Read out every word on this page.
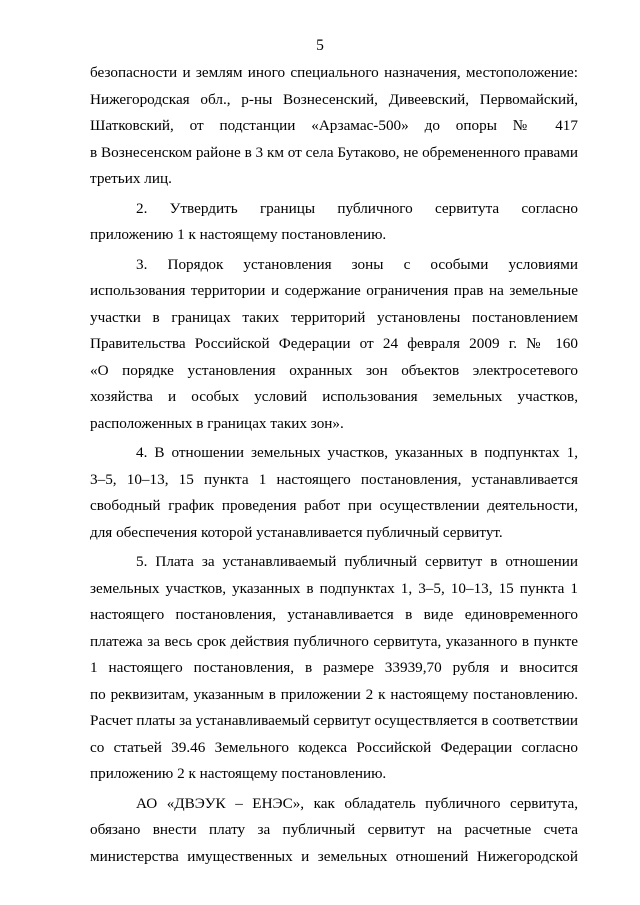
5
безопасности и землям иного специального назначения, местоположение:
Нижегородская обл., р-ны Вознесенский, Дивеевский, Первомайский,
Шатковский, от подстанции «Арзамас-500» до опоры № 417
в Вознесенском районе в 3 км от села Бутаково, не обремененного правами
третьих лиц.
2. Утвердить границы публичного сервитута согласно
приложению 1 к настоящему постановлению.
3. Порядок установления зоны с особыми условиями
использования территории и содержание ограничения прав на земельные
участки в границах таких территорий установлены постановлением
Правительства Российской Федерации от 24 февраля 2009 г. № 160
«О порядке установления охранных зон объектов электросетевого
хозяйства и особых условий использования земельных участков,
расположенных в границах таких зон».
4. В отношении земельных участков, указанных в подпунктах 1,
3–5, 10–13, 15 пункта 1 настоящего постановления, устанавливается
свободный график проведения работ при осуществлении деятельности,
для обеспечения которой устанавливается публичный сервитут.
5. Плата за устанавливаемый публичный сервитут в отношении
земельных участков, указанных в подпунктах 1, 3–5, 10–13, 15 пункта 1
настоящего постановления, устанавливается в виде единовременного
платежа за весь срок действия публичного сервитута, указанного в пункте
1 настоящего постановления, в размере 33939,70 рубля и вносится
по реквизитам, указанным в приложении 2 к настоящему постановлению.
Расчет платы за устанавливаемый сервитут осуществляется в соответствии
со статьей 39.46 Земельного кодекса Российской Федерации согласно
приложению 2 к настоящему постановлению.
АО «ДВЭУК – ЕНЭС», как обладатель публичного сервитута,
обязано внести плату за публичный сервитут на расчетные счета
министерства имущественных и земельных отношений Нижегородской
